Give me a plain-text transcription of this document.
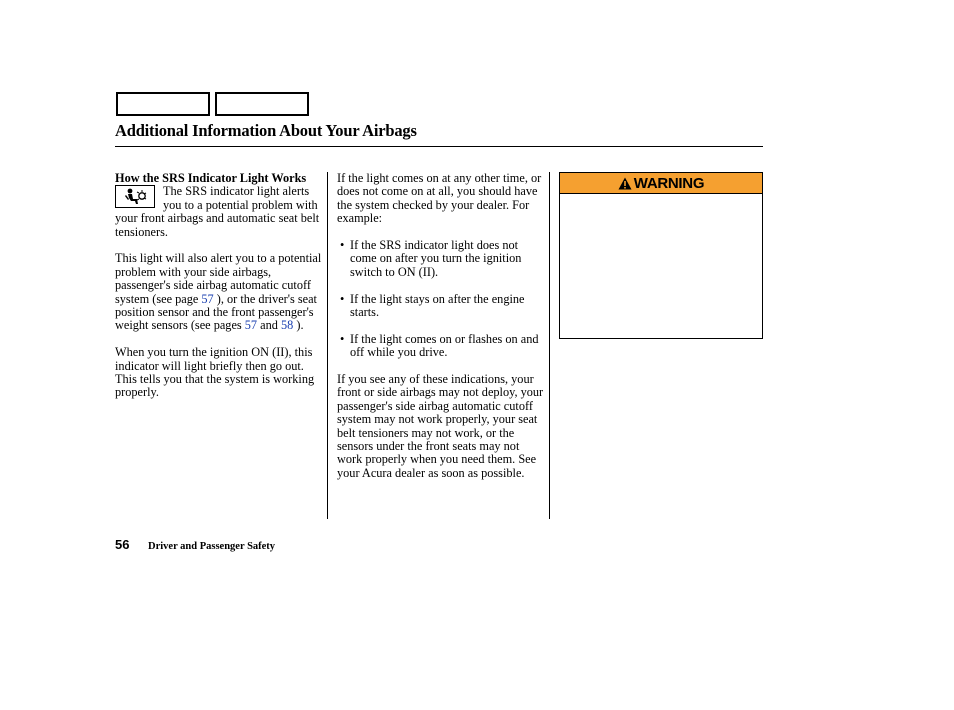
Additional Information About Your Airbags

How the SRS Indicator Light Works

The SRS indicator light alerts you to a potential problem with your front airbags and automatic seat belt tensioners.

This light will also alert you to a potential problem with your side airbags, passenger's side airbag automatic cutoff system (see page 57 ), or the driver's seat position sensor and the front passenger's weight sensors (see pages 57 and 58 ).

When you turn the ignition ON (II), this indicator will light briefly then go out. This tells you that the system is working properly.

If the light comes on at any other time, or does not come on at all, you should have the system checked by your dealer. For example:

• If the SRS indicator light does not come on after you turn the ignition switch to ON (II).

• If the light stays on after the engine starts.

• If the light comes on or flashes on and off while you drive.

If you see any of these indications, your front or side airbags may not deploy, your passenger's side airbag automatic cutoff system may not work properly, your seat belt tensioners may not work, or the sensors under the front seats may not work properly when you need them. See your Acura dealer as soon as possible.

WARNING
56 Driver and Passenger Safety
